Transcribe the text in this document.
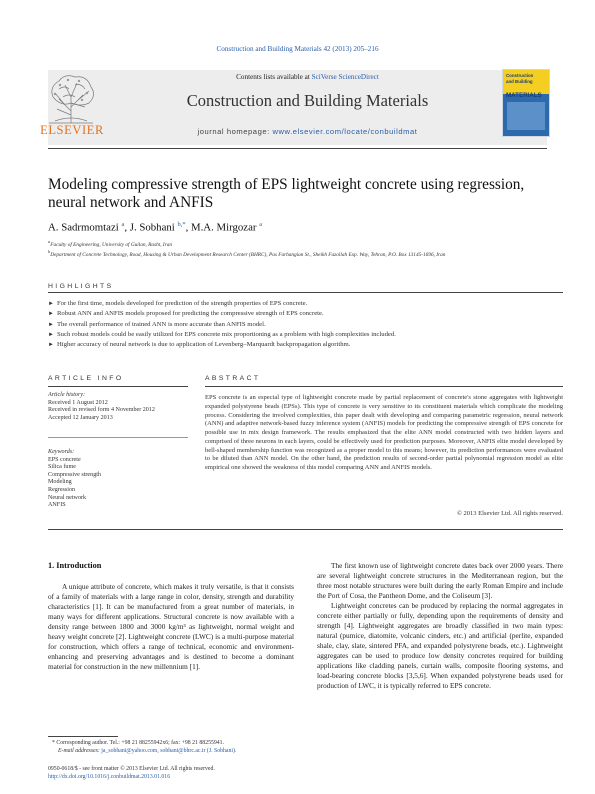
Construction and Building Materials 42 (2013) 205–216
ELSEVIER
Contents lists available at SciVerse ScienceDirect
Construction and Building Materials
journal homepage: www.elsevier.com/locate/conbuildmat
Construction
and Building
MATERIALS
Modeling compressive strength of EPS lightweight concrete using regression,
neural network and ANFIS
A. Sadrmomtazi $^a$, J. Sobhani $^{b,*}$, M.A. Mirgozar $^a$
$^a$Faculty of Engineering, University of Guilan, Rasht, Iran
$^b$Department of Concrete Technology, Road, Housing & Urban Development Research Center (BHRC), Pas Farhangian St., Sheikh Fazollah Exp. Way, Tehran, P.O. Box 13145-1696, Iran
HIGHLIGHTS
► For the first time, models developed for prediction of the strength properties of EPS concrete.
► Robust ANN and ANFIS models proposed for predicting the compressive strength of EPS concrete.
► The overall performance of trained ANN is more accurate than ANFIS model.
► Such robust models could be easily utilized for EPS concrete mix proportioning as a problem with high complexities included.
► Higher accuracy of neural network is due to application of Levenberg–Marquardt backpropagation algorithm.
ARTICLE INFO
Article history:
Received 1 August 2012
Received in revised form 4 November 2012
Accepted 12 January 2013
Keywords:
EPS concrete
Silica fume
Compressive strength
Modeling
Regression
Neural network
ANFIS
ABSTRACT

EPS concrete is an especial type of lightweight concrete made by partial replacement of concrete's stone aggregates with lightweight expanded polystyrene beads (EPSs). This type of concrete is very sensitive to its constituent materials which complicate the modeling process. Considering the involved complexities, this paper dealt with developing and comparing parametric regression, neural network (ANN) and adaptive network-based fuzzy inference system (ANFIS) models for predicting the compressive strength of EPS concrete for possible use in mix design framework. The results emphasized that the elite ANN model constructed with two hidden layers and comprised of three neurons in each layers, could be effectively used for prediction purposes. Moreover, ANFIS elite model developed by bell-shaped membership function was recognized as a proper model to this means; however, its prediction performances were evaluated to be diluted than ANN model. On the other hand, the prediction results of second-order partial polynomial regression model as elite empirical one showed the weakness of this model comparing ANN and ANFIS models.

© 2013 Elsevier Ltd. All rights reserved.
1. Introduction

A unique attribute of concrete, which makes it truly versatile, is that it consists of a family of materials with a large range in color, density, strength and durability characteristics [1]. It can be manufactured from a great number of materials, in many ways for different applications. Structural concrete is now available with a density range between 1800 and 3000 kg/m³ as lightweight, normal weight and heavy weight concrete [2]. Lightweight concrete (LWC) is a multi-purpose material for construction, which offers a range of technical, economic and environment-enhancing and preserving advantages and is destined to become a dominant material for construction in the new millennium [1].

The first known use of lightweight concrete dates back over 2000 years. There are several lightweight concrete structures in the Mediterranean region, but the three most notable structures were built during the early Roman Empire and include the Port of Cosa, the Pantheon Dome, and the Coliseum [3].

Lightweight concretes can be produced by replacing the normal aggregates in concrete either partially or fully, depending upon the requirements of density and strength [4]. Lightweight aggregates are broadly classified in two main types: natural (pumice, diatomite, volcanic cinders, etc.) and artificial (perlite, expanded shale, clay, slate, sintered PFA, and expanded polystyrene beads, etc.). Lightweight aggregates can be used to produce low density concretes required for building applications like cladding panels, curtain walls, composite flooring systems, and load-bearing concrete blocks [3,5,6]. When expanded polystyrene beads used for production of LWC, it is typically referred to EPS concrete.

* Corresponding author. Tel.: +98 21 88255942x6; fax: +98 21 88255941.
E-mail addresses: ja_sobhani@yahoo.com, sobhani@bhrc.ac.ir (J. Sobhani).
0950-0618/$ - see front matter © 2013 Elsevier Ltd. All rights reserved.
http://dx.doi.org/10.1016/j.conbuildmat.2013.01.016
